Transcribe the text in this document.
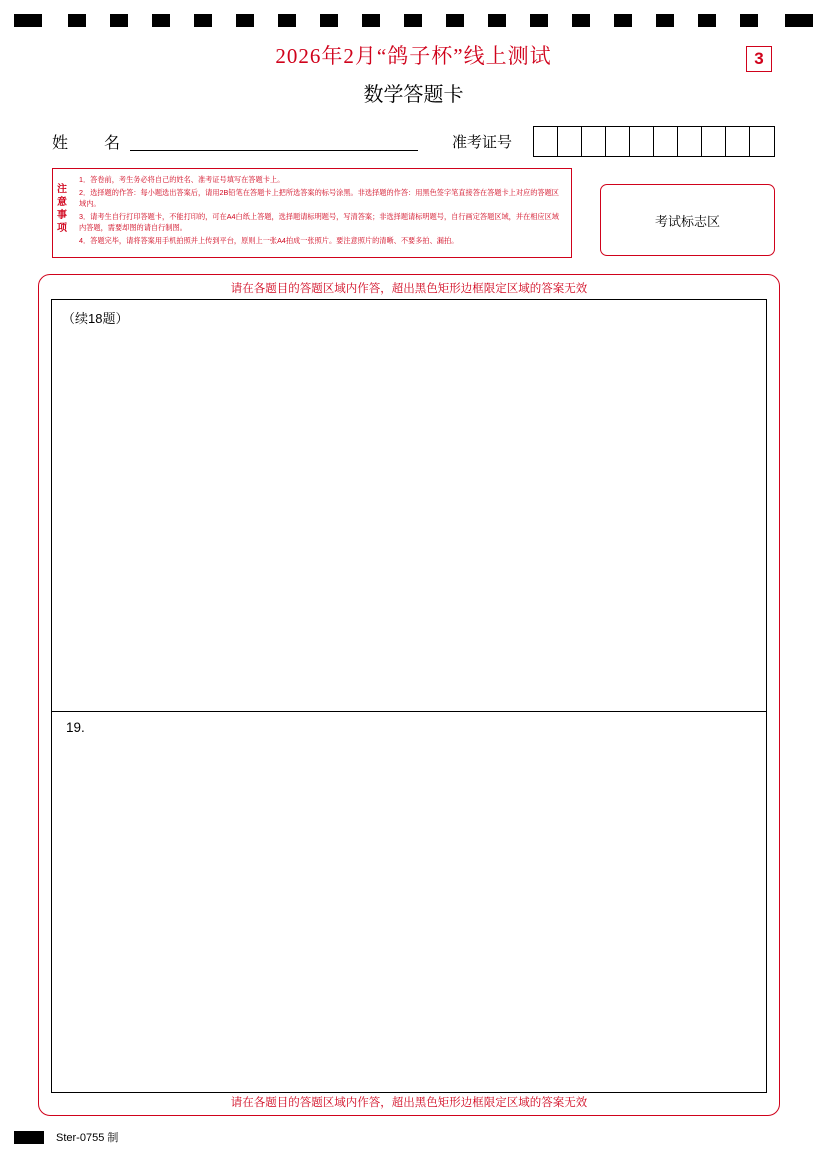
2026年2月“鸽子杯”线上测试
数学答题卡
3
姓　名	准考证号
注意事项
1．答卷前，考生务必将自己的姓名、准考证号填写在答题卡上。
2．选择题的作答：每小题选出答案后，请用2B铅笔在答题卡上把所选答案的标号涂黑。非选择题的作答：用黑色签字笔直接答在答题卡上对应的答题区域内。
3．请考生自行打印答题卡，不能打印的，可在A4白纸上答题，选择题请标明题号，写清答案；非选择题请标明题号，自行画定答题区域，并在相应区域内答题，需要却图的请自行制图。
4．答题完毕，请将答案用手机拍照并上传到平台，原则上一张A4拍成一张照片。要注意照片的清晰、不要多拍、漏拍。
考试标志区
请在各题目的答题区域内作答，超出黑色矩形边框限定区域的答案无效
请在各题目的答题区域内作答，超出黑色矩形边框限定区域的答案无效
（续18题）
19.
Ster-0755 制
